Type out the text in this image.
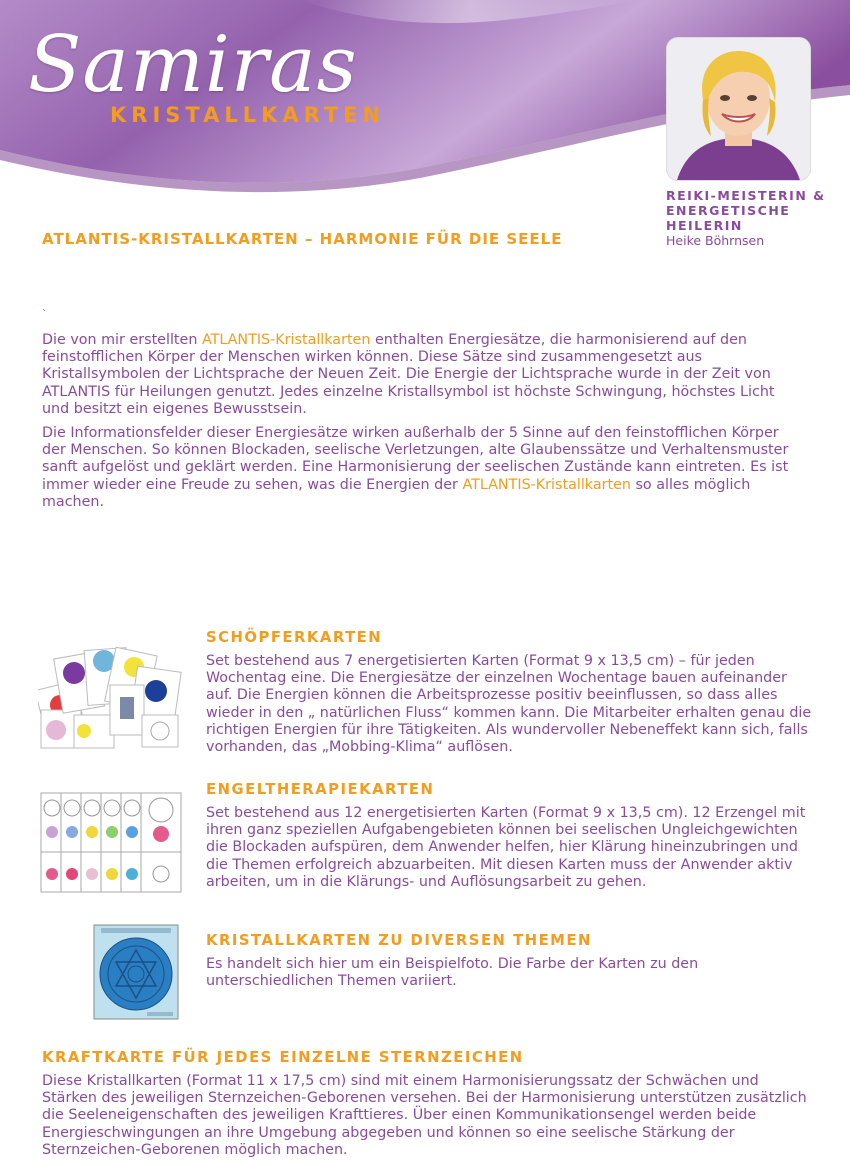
Samiras
KRISTALLKARTEN
REIKI-MEISTERIN &
ENERGETISCHE
HEILERIN
Heike Böhrnsen
ATLANTIS-KRISTALLKARTEN – HARMONIE FÜR DIE SEELE
`

Die von mir erstellten ATLANTIS-Kristallkarten enthalten Energiesätze, die harmonisierend auf den feinstofflichen Körper der Menschen wirken können. Diese Sätze sind zusammengesetzt aus Kristallsymbolen der Lichtsprache der Neuen Zeit. Die Energie der Lichtsprache wurde in der Zeit von ATLANTIS für Heilungen genutzt. Jedes einzelne Kristallsymbol ist höchste Schwingung, höchstes Licht und besitzt ein eigenes Bewusstsein.

Die Informationsfelder dieser Energiesätze wirken außerhalb der 5 Sinne auf den feinstofflichen Körper der Menschen. So können Blockaden, seelische Verletzungen, alte Glaubenssätze und Verhaltensmuster sanft aufgelöst und geklärt werden. Eine Harmonisierung der seelischen Zustände kann eintreten. Es ist immer wieder eine Freude zu sehen, was die Energien der ATLANTIS-Kristallkarten so alles möglich machen.

SCHÖPFERKARTEN

Set bestehend aus 7 energetisierten Karten (Format 9 x 13,5 cm) – für jeden Wochentag eine. Die Energiesätze der einzelnen Wochentage bauen aufeinander auf. Die Energien können die Arbeitsprozesse positiv beeinflussen, so dass alles wieder in den „ natürlichen Fluss“ kommen kann. Die Mitarbeiter erhalten genau die richtigen Energien für ihre Tätigkeiten. Als wundervoller Nebeneffekt kann sich, falls vorhanden, das „Mobbing-Klima“ auflösen.

ENGELTHERAPIEKARTEN

Set bestehend aus 12 energetisierten Karten (Format 9 x 13,5 cm). 12 Erzengel mit ihren ganz speziellen Aufgabengebieten können bei seelischen Ungleichgewichten die Blockaden aufspüren, dem Anwender helfen, hier Klärung hineinzubringen und die Themen erfolgreich abzuarbeiten. Mit diesen Karten muss der Anwender aktiv arbeiten, um in die Klärungs- und Auflösungsarbeit zu gehen.

KRISTALLKARTEN ZU DIVERSEN THEMEN

Es handelt sich hier um ein Beispielfoto. Die Farbe der Karten zu den unterschiedlichen Themen variiert.

KRAFTKARTE FÜR JEDES EINZELNE STERNZEICHEN

Diese Kristallkarten (Format 11 x 17,5 cm) sind mit einem Harmonisierungssatz der Schwächen und Stärken des jeweiligen Sternzeichen-Geborenen versehen. Bei der Harmonisierung unterstützen zusätzlich die Seeleneigenschaften des jeweiligen Krafttieres. Über einen Kommunikationsengel werden beide Energieschwingungen an ihre Umgebung abgegeben und können so eine seelische Stärkung der Sternzeichen-Geborenen möglich machen.
